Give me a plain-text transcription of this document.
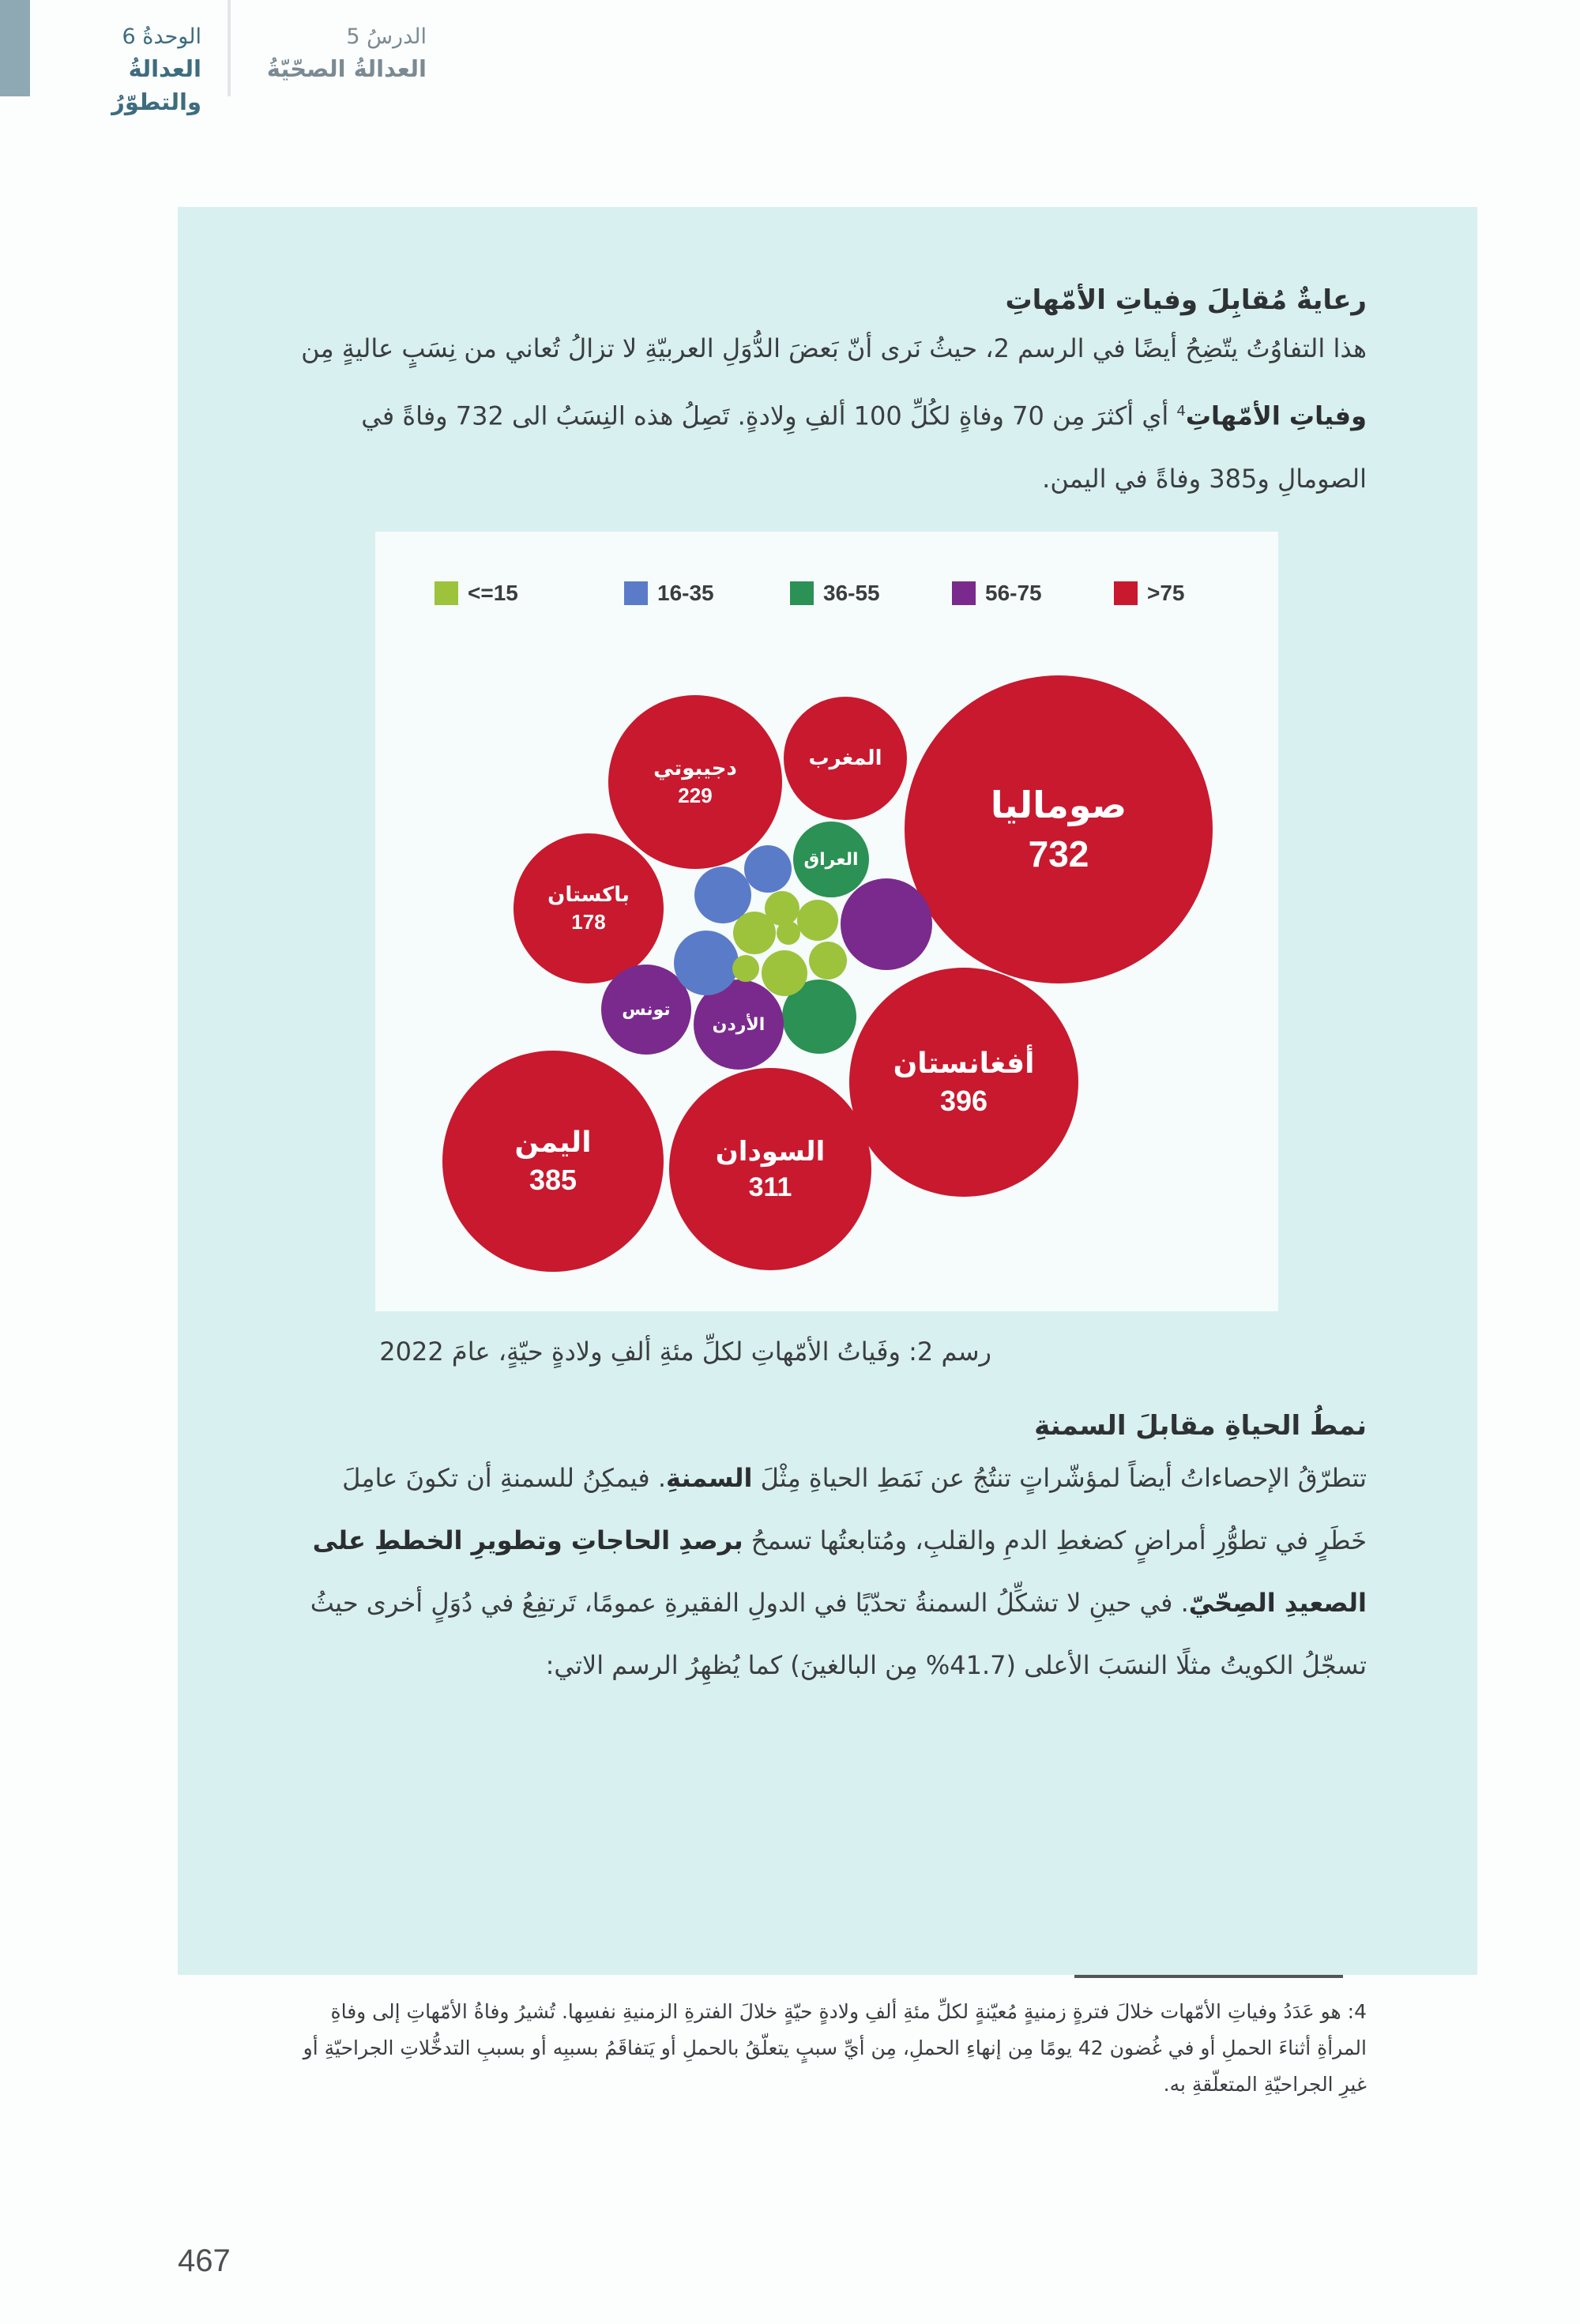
الوحدةُ 6
العدالةُ والتطوّرُ
الدرسُ 5
العدالةُ الصحّيّةُ
رعايةٌ مُقابِلَ وفياتِ الأمّهاتِ
هذا التفاوُتُ يتّضِحُ أيضًا في الرسم 2، حيثُ نَرى أنّ بَعضَ الدُّوَلِ العربيّةِ لا تزالُ تُعاني من نِسَبٍ عاليةٍ مِن وفياتِ الأمّهاتِ$^4$ أي أكثرَ مِن 70 وفاةٍ لكُلِّ 100 ألفِ وِلادةٍ. تَصِلُ هذه النِسَبُ الى 732 وفاةً في الصومالِ و385 وفاةً في اليمن.
<=15	16-35	36-55	56-75	>75
صوماليا
732
أفغانستان
396
اليمن
385
السودان
311
دجيبوتي
229
المغرب
باكستان
178
العراق
تونس
الأردن
رسم 2: وفَياتُ الأمّهاتِ لكلِّ مئةِ ألفِ ولادةٍ حيّةٍ، عامَ 2022
نمطُ الحياةِ مقابلَ السمنةِ
تتطرّقُ الإحصاءاتُ أيضاً لمؤشّراتٍ تنتُجُ عن نَمَطِ الحياةِ مِثْلَ السمنةِ. فيمكِنُ للسمنةِ أن تكونَ عامِلَ خَطَرٍ في تطوُّرِ أمراضٍ كضغطِ الدمِ والقلبِ، ومُتابعتُها تسمحُ برصدِ الحاجاتِ وتطويرِ الخططِ على الصعيدِ الصِحّيّ. في حينِ لا تشكِّلُ السمنةُ تحدّيًا في الدولِ الفقيرةِ عمومًا، تَرتفِعُ في دُوَلٍ أخرى حيثُ تسجّلُ الكويتُ مثلًا النسَبَ الأعلى (41.7% مِن البالغينَ) كما يُظهِرُ الرسم الاتي:
4: هو عَدَدُ وفياتِ الأمّهات خلالَ فترةٍ زمنيةٍ مُعيّنةٍ لكلِّ مئةِ ألفِ ولادةٍ حيّةٍ خلالَ الفترةِ الزمنيةِ نفسِها. تُشيرُ وفاةُ الأمّهاتِ إلى وفاةِ المرأةِ أثناءَ الحملِ أو في غُضون 42 يومًا مِن إنهاءِ الحملِ، مِن أيِّ سببٍ يتعلّقُ بالحملِ أو يَتفاقَمُ بسببِه أو بسببِ التدخُّلاتِ الجراحيّةِ أو غيرِ الجراحيّةِ المتعلّقةِ به.
467
